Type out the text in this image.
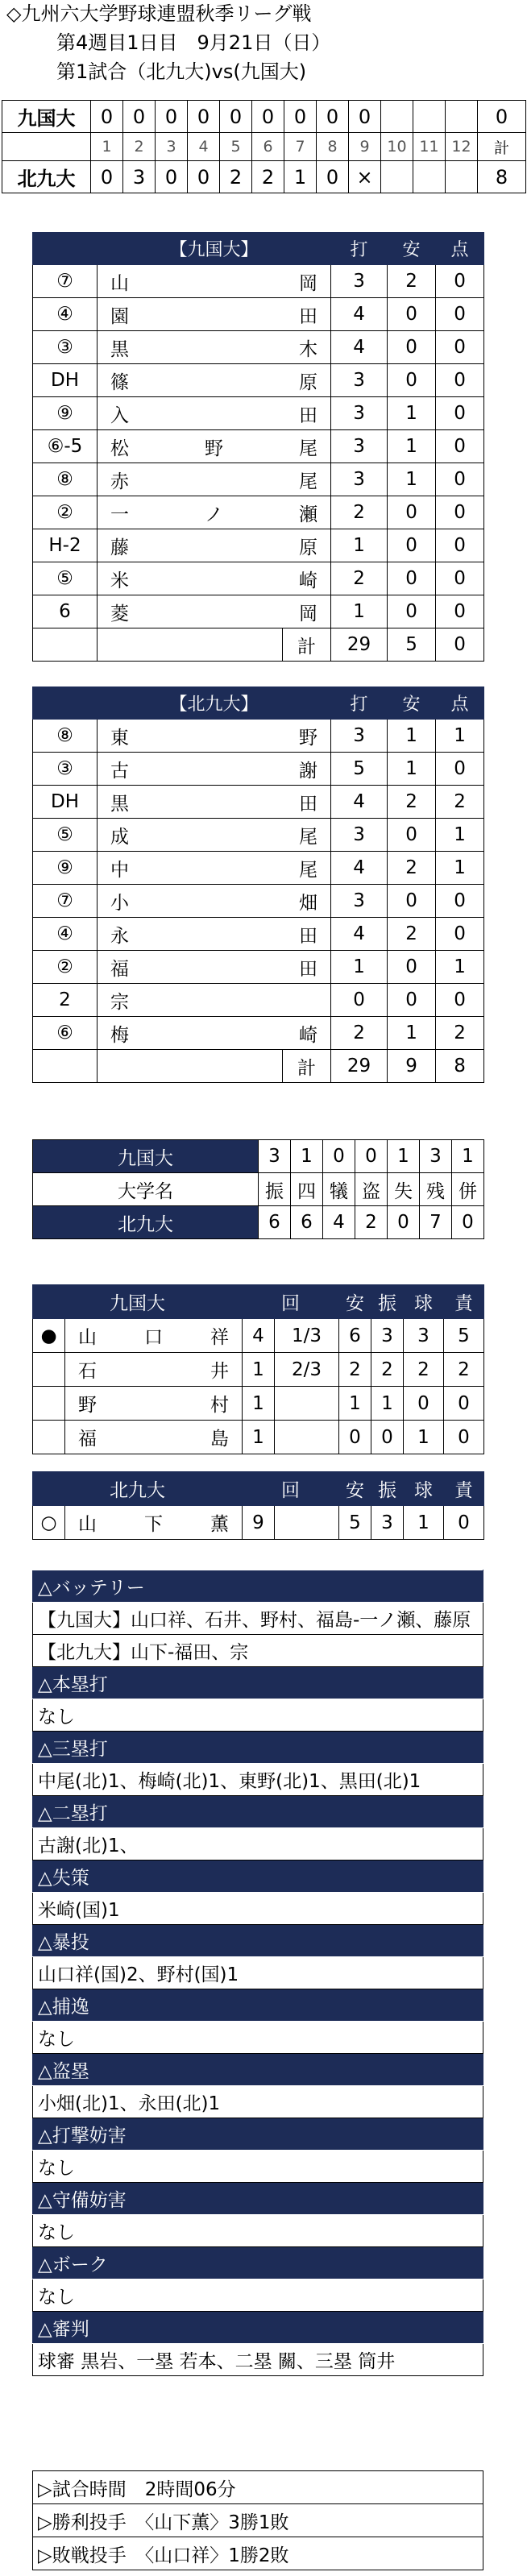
◇九州六大学野球連盟秋季リーグ戦
第4週目1日目　9月21日（日）
第1試合（北九大)vs(九国大)
九国大	0	0	0	0	0	0	0	0	0				0
	1	2	3	4	5	6	7	8	9	10	11	12	計
北九大	0	3	0	0	2	2	1	0	×				8
	【九国大】		打	安	点
⑦	山 岡		3	2	0
④	園 田		4	0	0
③	黒 木		4	0	0
DH	篠 原		3	0	0
⑨	入 田		3	1	0
⑥-5	松 野 尾		3	1	0
⑧	赤 尾		3	1	0
②	一 ノ 瀬		2	0	0
H-2	藤 原		1	0	0
⑤	米 崎		2	0	0
6	菱 岡		1	0	0
		計	29	5	0
	【北九大】		打	安	点
⑧	東 野		3	1	1
③	古 謝		5	1	0
DH	黒 田		4	2	2
⑤	成 尾		3	0	1
⑨	中 尾		4	2	1
⑦	小 畑		3	0	0
④	永 田		4	2	0
②	福 田		1	0	1
2	宗		0	0	0
⑥	梅 崎		2	1	2
		計	29	9	8
九国大	3	1	0	0	1	3	1
大学名	振	四	犠	盗	失	残	併
北九大	6	6	4	2	0	7	0
九国大		回		安	振	球	責
●	山 口 祥	4	1/3	6	3	3	5

	石 井	1	2/3	2	2	2	2

	野 村	1		1	1	0	0

	福 島	1		0	0	1	0
北九大		回		安	振	球	責
○	山 下 薫	9		5	3	1	0
△バッテリー
【九国大】山口祥、石井、野村、福島-一ノ瀬、藤原
【北九大】山下-福田、宗
△本塁打
なし
△三塁打
中尾(北)1、梅崎(北)1、東野(北)1、黒田(北)1
△二塁打
古謝(北)1、
△失策
米崎(国)1
△暴投
山口祥(国)2、野村(国)1
△捕逸
なし
△盗塁
小畑(北)1、永田(北)1
△打撃妨害
なし
△守備妨害
なし
△ボーク
なし
△審判
球審 黒岩、一塁 若本、二塁 關、三塁 筒井
▷試合時間　2時間06分
▷勝利投手　〈山下薫〉3勝1敗
▷敗戦投手　〈山口祥〉1勝2敗
